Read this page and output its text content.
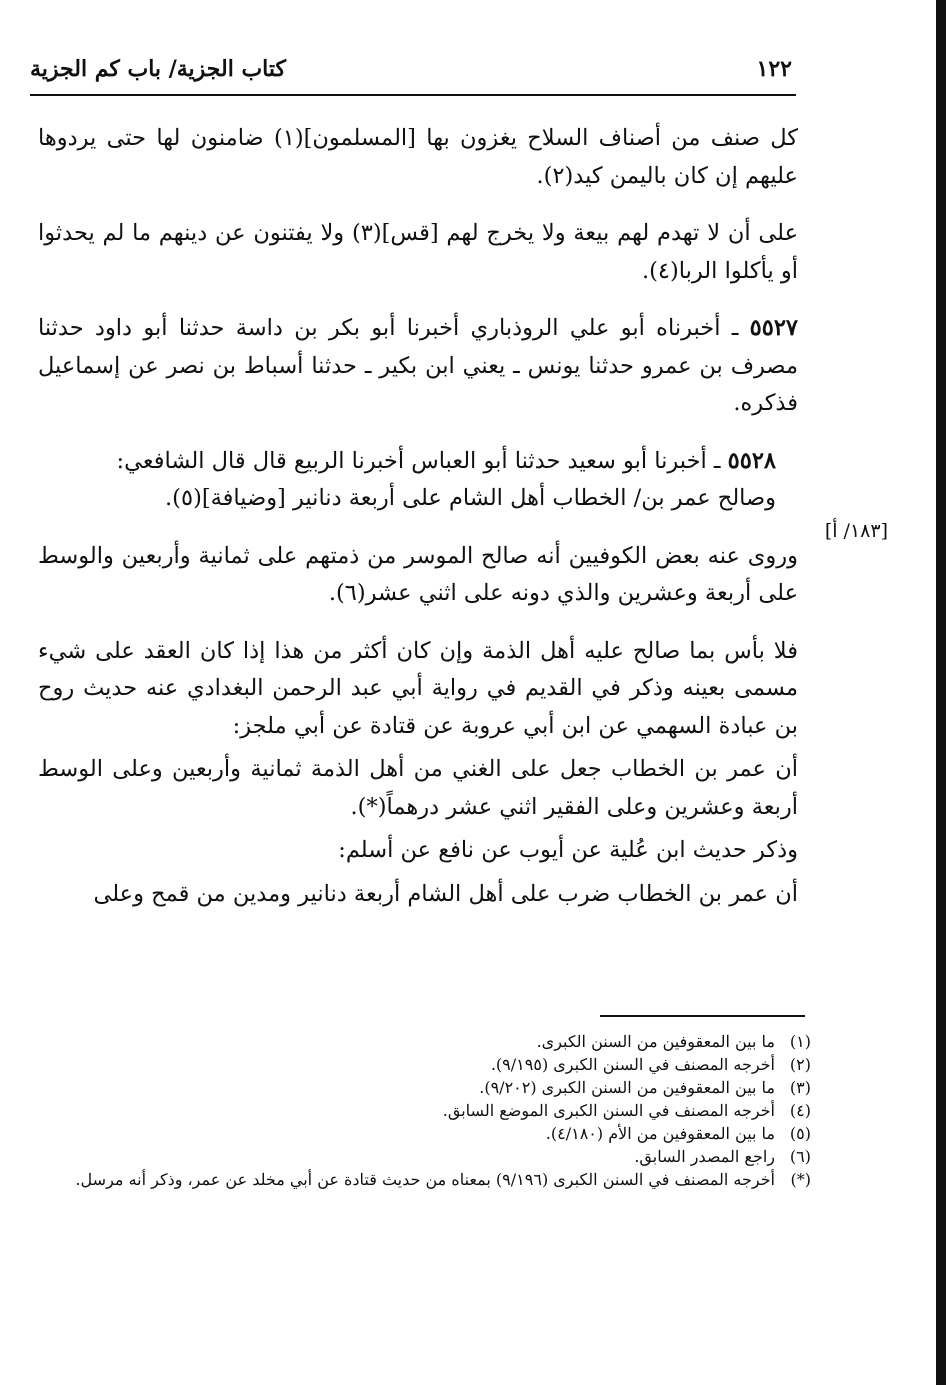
١٢٢
كتاب الجزية/ باب كم الجزية

كل صنف من أصناف السلاح يغزون بها [المسلمون](١) ضامنون لها حتى يردوها عليهم إن كان باليمن كيد(٢).

على أن لا تهدم لهم بيعة ولا يخرج لهم [قس](٣) ولا يفتنون عن دينهم ما لم يحدثوا أو يأكلوا الربا(٤).

٥٥٢٧ ـ أخبرناه أبو علي الروذباري أخبرنا أبو بكر بن داسة حدثنا أبو داود حدثنا مصرف بن عمرو حدثنا يونس ـ يعني ابن بكير ـ حدثنا أسباط بن نصر عن إسماعيل فذكره.

٥٥٢٨ ـ أخبرنا أبو سعيد حدثنا أبو العباس أخبرنا الربيع قال قال الشافعي:

وصالح عمر بن/ الخطاب أهل الشام على أربعة دنانير [وضيافة](٥).

وروى عنه بعض الكوفيين أنه صالح الموسر من ذمتهم على ثمانية وأربعين والوسط على أربعة وعشرين والذي دونه على اثني عشر(٦).

فلا بأس بما صالح عليه أهل الذمة وإن كان أكثر من هذا إذا كان العقد على شيء مسمى بعينه وذكر في القديم في رواية أبي عبد الرحمن البغدادي عنه حديث روح بن عبادة السهمي عن ابن أبي عروبة عن قتادة عن أبي ملجز:

أن عمر بن الخطاب جعل على الغني من أهل الذمة ثمانية وأربعين وعلى الوسط أربعة وعشرين وعلى الفقير اثني عشر درهماً(*).

وذكر حديث ابن عُلية عن أيوب عن نافع عن أسلم:

أن عمر بن الخطاب ضرب على أهل الشام أربعة دنانير ومدين من قمح وعلى

[١٨٣/ أ]

(١)
ما بين المعقوفين من السنن الكبرى.

(٢)
أخرجه المصنف في السنن الكبرى (٩/١٩٥).

(٣)
ما بين المعقوفين من السنن الكبرى (٩/٢٠٢).

(٤)
أخرجه المصنف في السنن الكبرى الموضع السابق.

(٥)
ما بين المعقوفين من الأم (٤/١٨٠).

(٦)
راجع المصدر السابق.

(*)
أخرجه المصنف في السنن الكبرى (٩/١٩٦) بمعناه من حديث قتادة عن أبي مخلد عن عمر، وذكر أنه مرسل.
